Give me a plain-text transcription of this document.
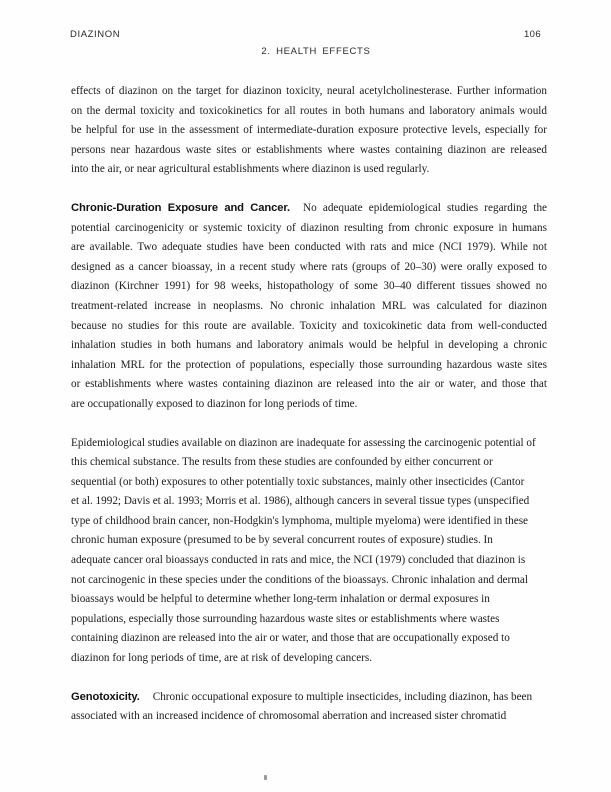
DIAZINON	106
2. HEALTH EFFECTS
effects of diazinon on the target for diazinon toxicity, neural acetylcholinesterase. Further information
on the dermal toxicity and toxicokinetics for all routes in both humans and laboratory animals would
be helpful for use in the assessment of intermediate-duration exposure protective levels, especially for
persons near hazardous waste sites or establishments where wastes containing diazinon are released
into the air, or near agricultural establishments where diazinon is used regularly.
Chronic-Duration Exposure and Cancer. No adequate epidemiological studies regarding the
potential carcinogenicity or systemic toxicity of diazinon resulting from chronic exposure in humans
are available. Two adequate studies have been conducted with rats and mice (NCI 1979). While not
designed as a cancer bioassay, in a recent study where rats (groups of 20–30) were orally exposed to
diazinon (Kirchner 1991) for 98 weeks, histopathology of some 30–40 different tissues showed no
treatment-related increase in neoplasms. No chronic inhalation MRL was calculated for diazinon
because no studies for this route are available. Toxicity and toxicokinetic data from well-conducted
inhalation studies in both humans and laboratory animals would be helpful in developing a chronic
inhalation MRL for the protection of populations, especially those surrounding hazardous waste sites
or establishments where wastes containing diazinon are released into the air or water, and those that
are occupationally exposed to diazinon for long periods of time.
Epidemiological studies available on diazinon are inadequate for assessing the carcinogenic potential of
this chemical substance. The results from these studies are confounded by either concurrent or
sequential (or both) exposures to other potentially toxic substances, mainly other insecticides (Cantor
et al. 1992; Davis et al. 1993; Morris et al. 1986), although cancers in several tissue types (unspecified
type of childhood brain cancer, non-Hodgkin's lymphoma, multiple myeloma) were identified in these
chronic human exposure (presumed to be by several concurrent routes of exposure) studies. In
adequate cancer oral bioassays conducted in rats and mice, the NCI (1979) concluded that diazinon is
not carcinogenic in these species under the conditions of the bioassays. Chronic inhalation and dermal
bioassays would be helpful to determine whether long-term inhalation or dermal exposures in
populations, especially those surrounding hazardous waste sites or establishments where wastes
containing diazinon are released into the air or water, and those that are occupationally exposed to
diazinon for long periods of time, are at risk of developing cancers.
Genotoxicity. Chronic occupational exposure to multiple insecticides, including diazinon, has been
associated with an increased incidence of chromosomal aberration and increased sister chromatid
